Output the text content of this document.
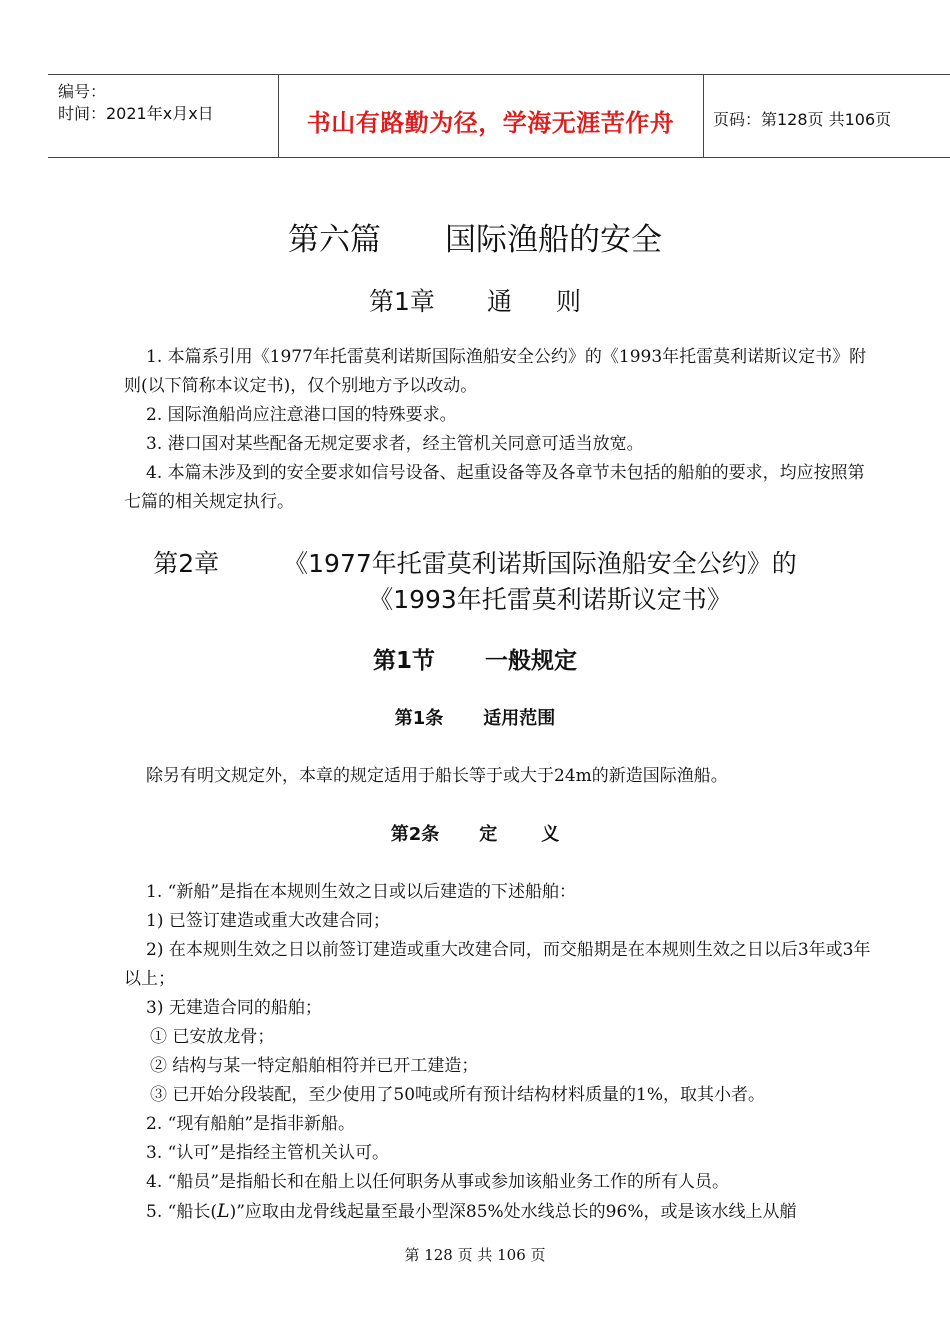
编号：
时间：2021年x月x日	书山有路勤为径，学海无涯苦作舟	页码：第128页 共106页
第六篇 国际渔船的安全
第1章 通 则

1. 本篇系引用《1977年托雷莫利诺斯国际渔船安全公约》的《1993年托雷莫利诺斯议定书》附则(以下简称本议定书)，仅个别地方予以改动。

2. 国际渔船尚应注意港口国的特殊要求。

3. 港口国对某些配备无规定要求者，经主管机关同意可适当放宽。

4. 本篇未涉及到的安全要求如信号设备、起重设备等及各章节未包括的船舶的要求，均应按照第七篇的相关规定执行。

第2章	《1977年托雷莫利诺斯国际渔船安全公约》的
《1993年托雷莫利诺斯议定书》
第1节 一般规定
第1条 适用范围

除另有明文规定外，本章的规定适用于船长等于或大于24m的新造国际渔船。

第2条 定 义

1. “新船”是指在本规则生效之日或以后建造的下述船舶：

1) 已签订建造或重大改建合同；

2) 在本规则生效之日以前签订建造或重大改建合同，而交船期是在本规则生效之日以后3年或3年以上；

3) 无建造合同的船舶；

① 已安放龙骨；

② 结构与某一特定船舶相符并已开工建造；

③ 已开始分段装配，至少使用了50吨或所有预计结构材料质量的1%，取其小者。

2. “现有船舶”是指非新船。

3. “认可”是指经主管机关认可。

4. “船员”是指船长和在船上以任何职务从事或参加该船业务工作的所有人员。

5. “船长(L)”应取由龙骨线起量至最小型深85%处水线总长的96%，或是该水线上从艏

第 128 页 共 106 页
